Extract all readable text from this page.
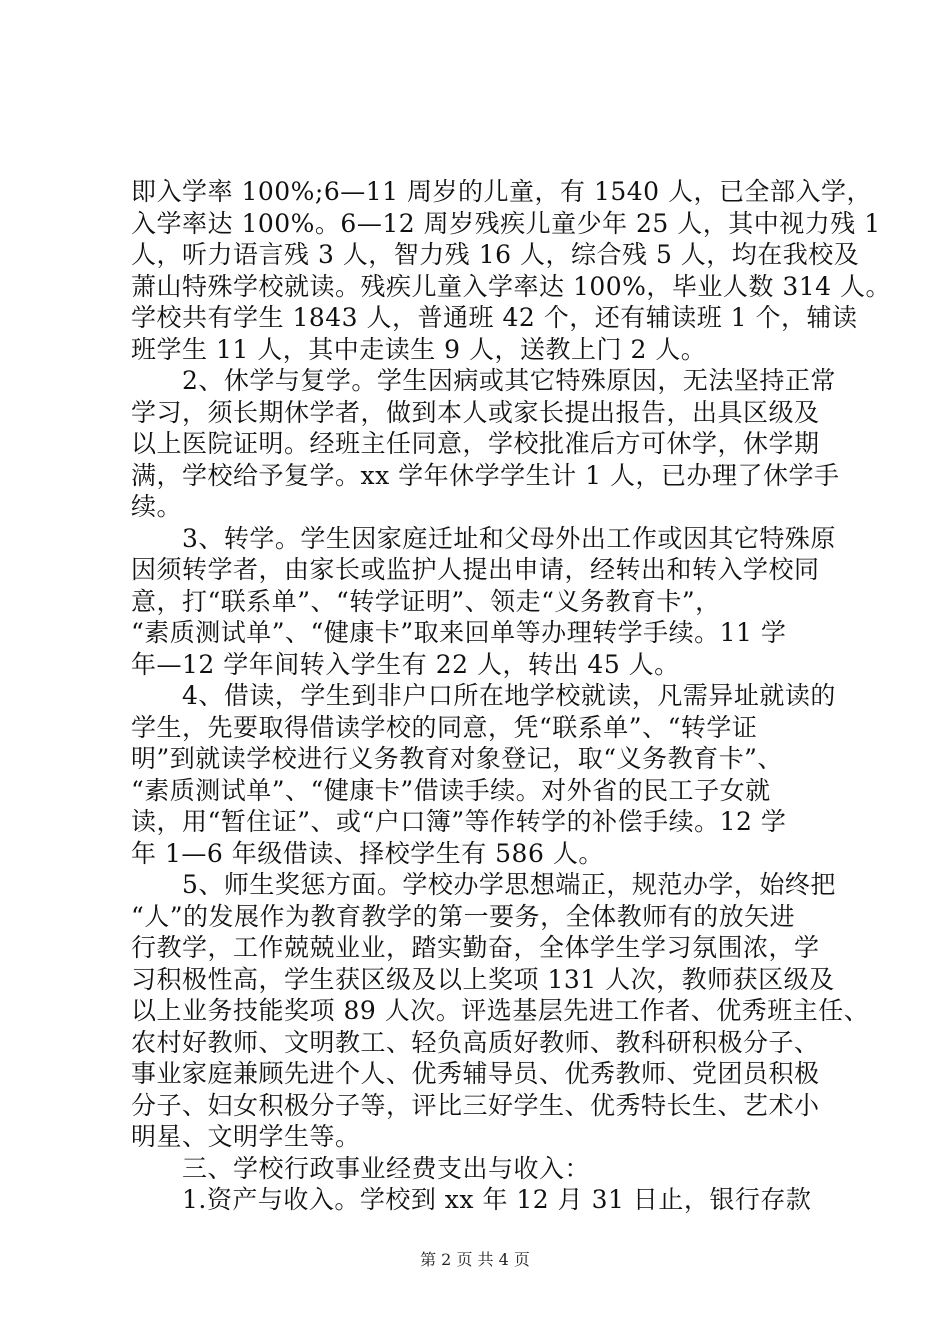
即入学率 100%;6—11 周岁的儿童，有 1540 人，已全部入学，
入学率达 100%。6—12 周岁残疾儿童少年 25 人，其中视力残 1
人，听力语言残 3 人，智力残 16 人，综合残 5 人，均在我校及
萧山特殊学校就读。残疾儿童入学率达 100%，毕业人数 314 人。
学校共有学生 1843 人，普通班 42 个，还有辅读班 1 个，辅读
班学生 11 人，其中走读生 9 人，送教上门 2 人。
　　2、休学与复学。学生因病或其它特殊原因，无法坚持正常
学习，须长期休学者，做到本人或家长提出报告，出具区级及
以上医院证明。经班主任同意，学校批准后方可休学，休学期
满，学校给予复学。xx 学年休学学生计 1 人，已办理了休学手
续。
　　3、转学。学生因家庭迁址和父母外出工作或因其它特殊原
因须转学者，由家长或监护人提出申请，经转出和转入学校同
意，打“联系单”、“转学证明”、领走“义务教育卡”，
“素质测试单”、“健康卡”取来回单等办理转学手续。11 学
年—12 学年间转入学生有 22 人，转出 45 人。
　　4、借读，学生到非户口所在地学校就读，凡需异址就读的
学生，先要取得借读学校的同意，凭“联系单”、“转学证
明”到就读学校进行义务教育对象登记，取“义务教育卡”、
“素质测试单”、“健康卡”借读手续。对外省的民工子女就
读，用“暂住证”、或“户口簿”等作转学的补偿手续。12 学
年 1—6 年级借读、择校学生有 586 人。
　　5、师生奖惩方面。学校办学思想端正，规范办学，始终把
“人”的发展作为教育教学的第一要务，全体教师有的放矢进
行教学，工作兢兢业业，踏实勤奋，全体学生学习氛围浓，学
习积极性高，学生获区级及以上奖项 131 人次，教师获区级及
以上业务技能奖项 89 人次。评选基层先进工作者、优秀班主任、
农村好教师、文明教工、轻负高质好教师、教科研积极分子、
事业家庭兼顾先进个人、优秀辅导员、优秀教师、党团员积极
分子、妇女积极分子等，评比三好学生、优秀特长生、艺术小
明星、文明学生等。
　　三、学校行政事业经费支出与收入：
　　1.资产与收入。学校到 xx 年 12 月 31 日止，银行存款
第 2 页 共 4 页
